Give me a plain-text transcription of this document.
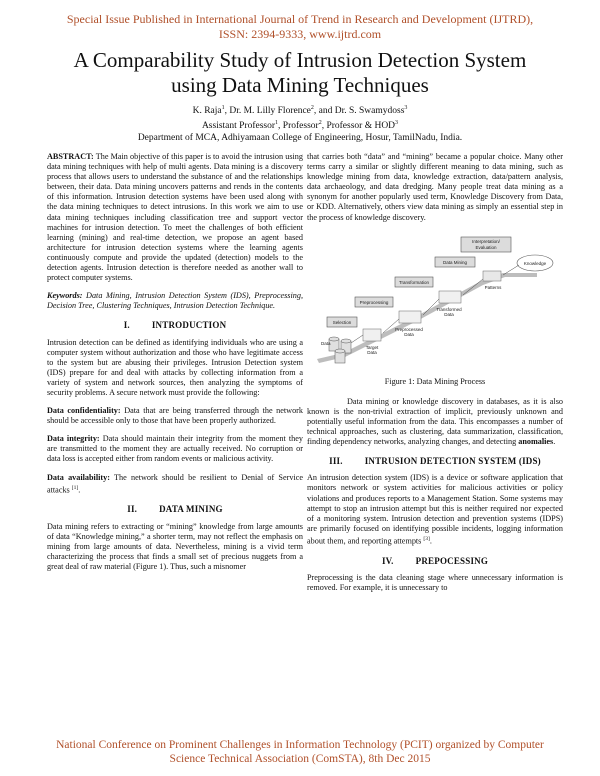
Special Issue Published in International Journal of Trend in Research and Development (IJTRD),
ISSN: 2394-9333, www.ijtrd.com
A Comparability Study of Intrusion Detection System
using Data Mining Techniques
K. Raja$^1$, Dr. M. Lilly Florence$^2$, and Dr. S. Swamydoss$^3$
Assistant Professor$^1$, Professor$^2$, Professor & HOD$^3$
Department of MCA, Adhiyamaan College of Engineering, Hosur, TamilNadu, India.

ABSTRACT: The Main objective of this paper is to avoid the intrusion using data mining techniques with help of multi agents. Data mining is a discovery process that allows users to understand the substance of and the relationships between, their data. Data mining uncovers patterns and rends in the contents of this information. Intrusion detection systems have been used along with the data mining techniques to detect intrusions. In this work we aim to use data mining techniques including classification tree and support vector machines for intrusion detection. To meet the challenges of both efficient learning (mining) and real-time detection, we propose an agent based architecture for intrusion detection systems where the learning agents continuously compute and provide the updated (detection) models to the detection agents. Intrusion detection is therefore needed as another wall to protect computer systems.

Keywords: Data Mining, Intrusion Detection System (IDS), Preprocessing, Decision Tree, Clustering Techniques, Intrusion Detection Technique.

I. INTRODUCTION

Intrusion detection can be defined as identifying individuals who are using a computer system without authorization and those who have legitimate access to the system but are abusing their privileges. Intrusion Detection system (IDS) prepare for and deal with attacks by collecting information from a variety of system and network sources, then analyzing the symptoms of security problems. A secure network must provide the following:

Data confidentiality: Data that are being transferred through the network should be accessible only to those that have been properly authorized.

Data integrity: Data should maintain their integrity from the moment they are transmitted to the moment they are actually received. No corruption or data loss is accepted either from random events or malicious activity.

Data availability: The network should be resilient to Denial of Service attacks [1].

II. DATA MINING

Data mining refers to extracting or “mining” knowledge from large amounts of data “Knowledge mining,” a shorter term, may not reflect the emphasis on mining from large amounts of data. Nevertheless, mining is a vivid term characterizing the process that finds a small set of precious nuggets from a great deal of raw material (Figure 1). Thus, such a misnomer

that carries both “data” and “mining” became a popular choice. Many other terms carry a similar or slightly different meaning to data mining, such as knowledge mining from data, knowledge extraction, data/pattern analysis, data archaeology, and data dredging. Many people treat data mining as a synonym for another popularly used term, Knowledge Discovery from Data, or KDD. Alternatively, others view data mining as simply an essential step in the process of knowledge discovery.

Interpretation/
Evaluation
Knowledge
Data Mining
Patterns
Transformation
Transformed
Data
Preprocessing
Preprocessed
Data
Selection
Target
Data
Data
Figure 1: Data Mining Process

Data mining or knowledge discovery in databases, as it is also known is the non-trivial extraction of implicit, previously unknown and potentially useful information from the data. This encompasses a number of technical approaches, such as clustering, data summarization, classification, finding dependency networks, analyzing changes, and detecting anomalies.

III. INTRUSION DETECTION SYSTEM (IDS)

An intrusion detection system (IDS) is a device or software application that monitors network or system activities for malicious activities or policy violations and produces reports to a Management Station. Some systems may attempt to stop an intrusion attempt but this is neither required nor expected of a monitoring system. Intrusion detection and prevention systems (IDPS) are primarily focused on identifying possible incidents, logging information about them, and reporting attempts [3].

IV. PREPOCESSING

Preprocessing is the data cleaning stage where unnecessary information is removed. For example, it is unnecessary to

National Conference on Prominent Challenges in Information Technology (PCIT) organized by Computer
Science Technical Association (ComSTA), 8th Dec 2015
